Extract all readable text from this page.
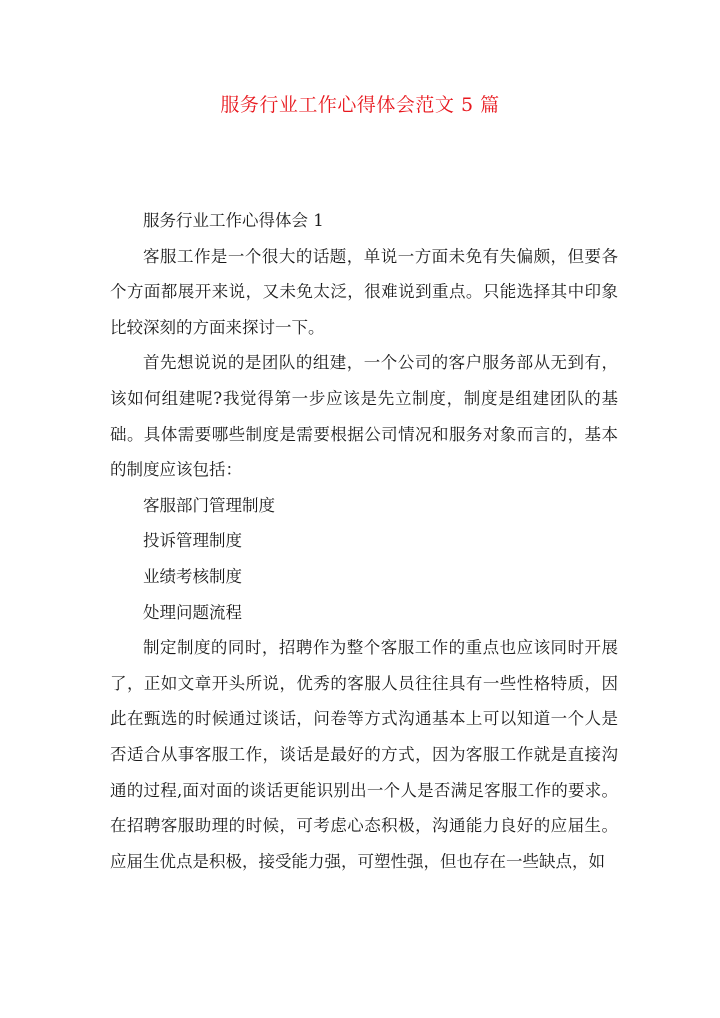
服务行业工作心得体会范文 5 篇

服务行业工作心得体会 1

客服工作是一个很大的话题，单说一方面未免有失偏颇，但要各个方面都展开来说，又未免太泛，很难说到重点。只能选择其中印象比较深刻的方面来探讨一下。

首先想说说的是团队的组建，一个公司的客户服务部从无到有，该如何组建呢?我觉得第一步应该是先立制度，制度是组建团队的基础。具体需要哪些制度是需要根据公司情况和服务对象而言的，基本的制度应该包括：

客服部门管理制度

投诉管理制度

业绩考核制度

处理问题流程

制定制度的同时，招聘作为整个客服工作的重点也应该同时开展了，正如文章开头所说，优秀的客服人员往往具有一些性格特质，因此在甄选的时候通过谈话，问卷等方式沟通基本上可以知道一个人是否适合从事客服工作，谈话是最好的方式，因为客服工作就是直接沟通的过程,面对面的谈话更能识别出一个人是否满足客服工作的要求。在招聘客服助理的时候，可考虑心态积极，沟通能力良好的应届生。应届生优点是积极，接受能力强，可塑性强，但也存在一些缺点，如
